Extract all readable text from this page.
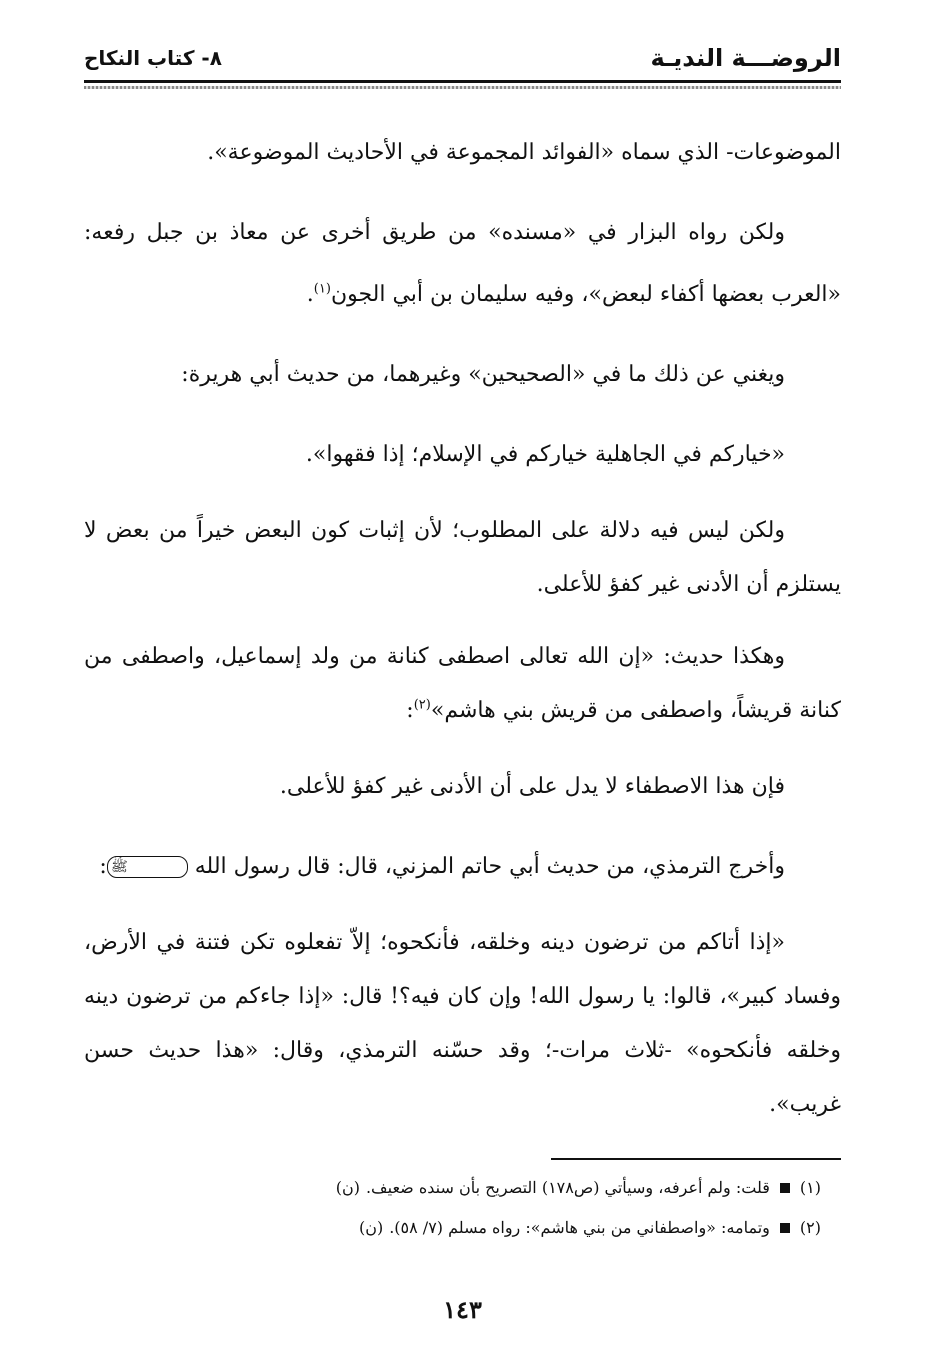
الروضـــة النديـة
٨- كتاب النكاح

الموضوعات- الذي سماه «الفوائد المجموعة في الأحاديث الموضوعة».

ولكن رواه البزار في «مسنده» من طريق أخرى عن معاذ بن جبل رفعه: «العرب بعضها أكفاء لبعض»، وفيه سليمان بن أبي الجون$^{(١)}$.

ويغني عن ذلك ما في «الصحيحين» وغيرهما، من حديث أبي هريرة:

«خياركم في الجاهلية خياركم في الإسلام؛ إذا فقهوا».

ولكن ليس فيه دلالة على المطلوب؛ لأن إثبات كون البعض خيراً من بعض لا يستلزم أن الأدنى غير كفؤ للأعلى.

وهكذا حديث: «إن الله تعالى اصطفى كنانة من ولد إسماعيل، واصطفى من كنانة قريشاً، واصطفى من قريش بني هاشم»$^{(٢)}$:

فإن هذا الاصطفاء لا يدل على أن الأدنى غير كفؤ للأعلى.

وأخرج الترمذي، من حديث أبي حاتم المزني، قال: قال رسول الله ﷺ:

«إذا أتاكم من ترضون دينه وخلقه، فأنكحوه؛ إلاّ تفعلوه تكن فتنة في الأرض، وفساد كبير»، قالوا: يا رسول الله! وإن كان فيه؟! قال: «إذا جاءكم من ترضون دينه وخلقه فأنكحوه» -ثلاث مرات-؛ وقد حسّنه الترمذي، وقال: «هذا حديث حسن غريب».

(١)
قلت: ولم أعرفه، وسيأتي (ص١٧٨) التصريح بأن سنده ضعيف.
(ن)

(٢)
وتمامه: «واصطفاني من بني هاشم»: رواه مسلم (٧/ ٥٨).
(ن)

١٤٣
